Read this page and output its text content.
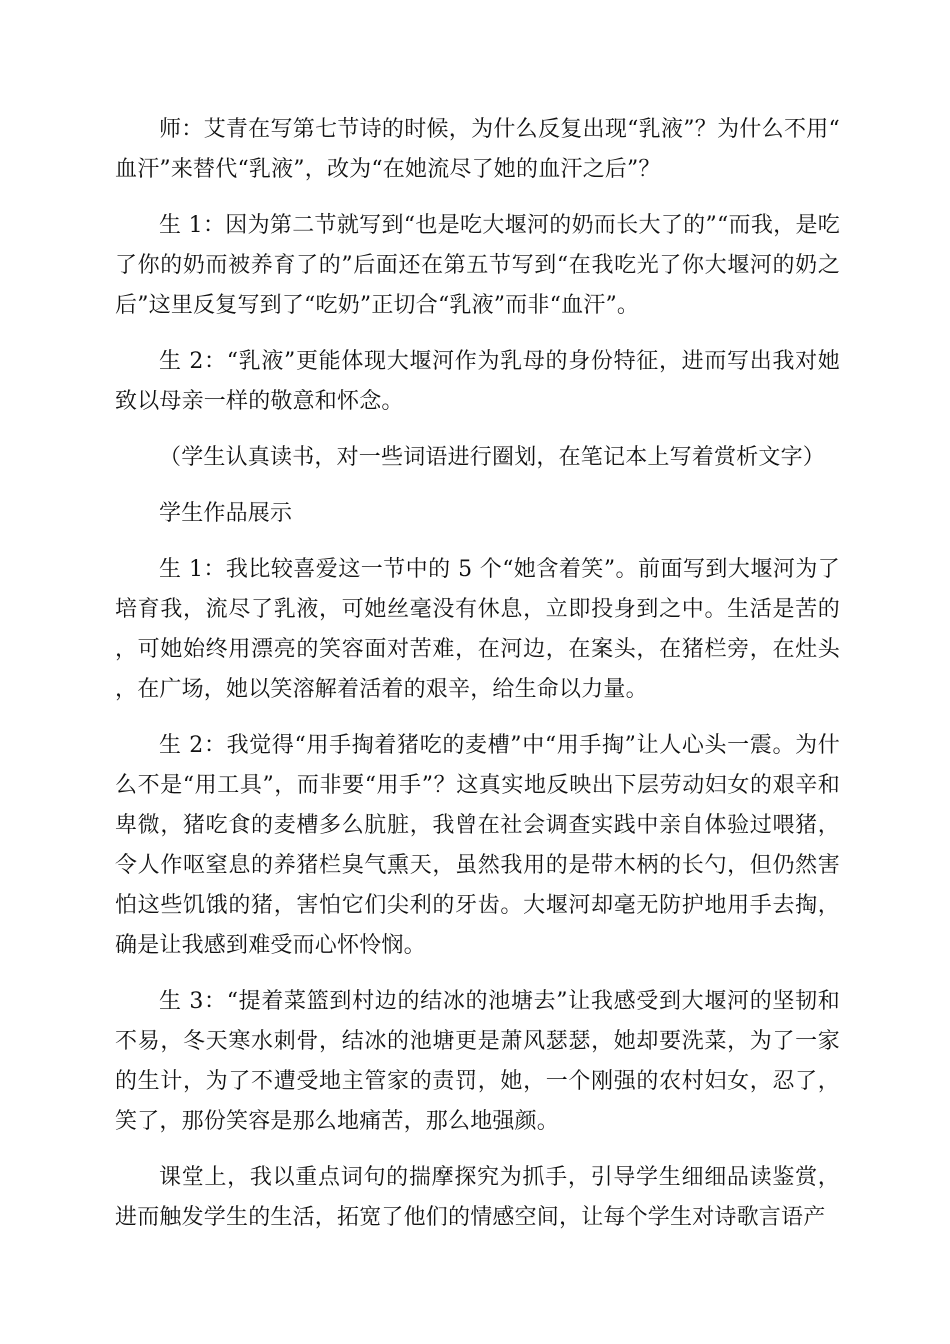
师：艾青在写第七节诗的时候，为什么反复出现“乳液”？为什么不用“血汗”来替代“乳液”，改为“在她流尽了她的血汗之后”？

生 1：因为第二节就写到“也是吃大堰河的奶而长大了的”“而我，是吃了你的奶而被养育了的”后面还在第五节写到“在我吃光了你大堰河的奶之后”这里反复写到了“吃奶”正切合“乳液”而非“血汗”。

生 2：“乳液”更能体现大堰河作为乳母的身份特征，进而写出我对她致以母亲一样的敬意和怀念。

（学生认真读书，对一些词语进行圈划，在笔记本上写着赏析文字）

学生作品展示

生 1：我比较喜爱这一节中的 5 个“她含着笑”。前面写到大堰河为了培育我，流尽了乳液，可她丝毫没有休息，立即投身到之中。生活是苦的，可她始终用漂亮的笑容面对苦难，在河边，在案头，在猪栏旁，在灶头，在广场，她以笑溶解着活着的艰辛，给生命以力量。

生 2：我觉得“用手掏着猪吃的麦槽”中“用手掏”让人心头一震。为什么不是“用工具”，而非要“用手”？这真实地反映出下层劳动妇女的艰辛和卑微，猪吃食的麦槽多么肮脏，我曾在社会调查实践中亲自体验过喂猪，令人作呕窒息的养猪栏臭气熏天，虽然我用的是带木柄的长勺，但仍然害怕这些饥饿的猪，害怕它们尖利的牙齿。大堰河却毫无防护地用手去掏，确是让我感到难受而心怀怜悯。

生 3：“提着菜篮到村边的结冰的池塘去”让我感受到大堰河的坚韧和不易，冬天寒水刺骨，结冰的池塘更是萧风瑟瑟，她却要洗菜，为了一家的生计，为了不遭受地主管家的责罚，她，一个刚强的农村妇女，忍了，笑了，那份笑容是那么地痛苦，那么地强颜。

课堂上，我以重点词句的揣摩探究为抓手，引导学生细细品读鉴赏，进而触发学生的生活，拓宽了他们的情感空间，让每个学生对诗歌言语产
